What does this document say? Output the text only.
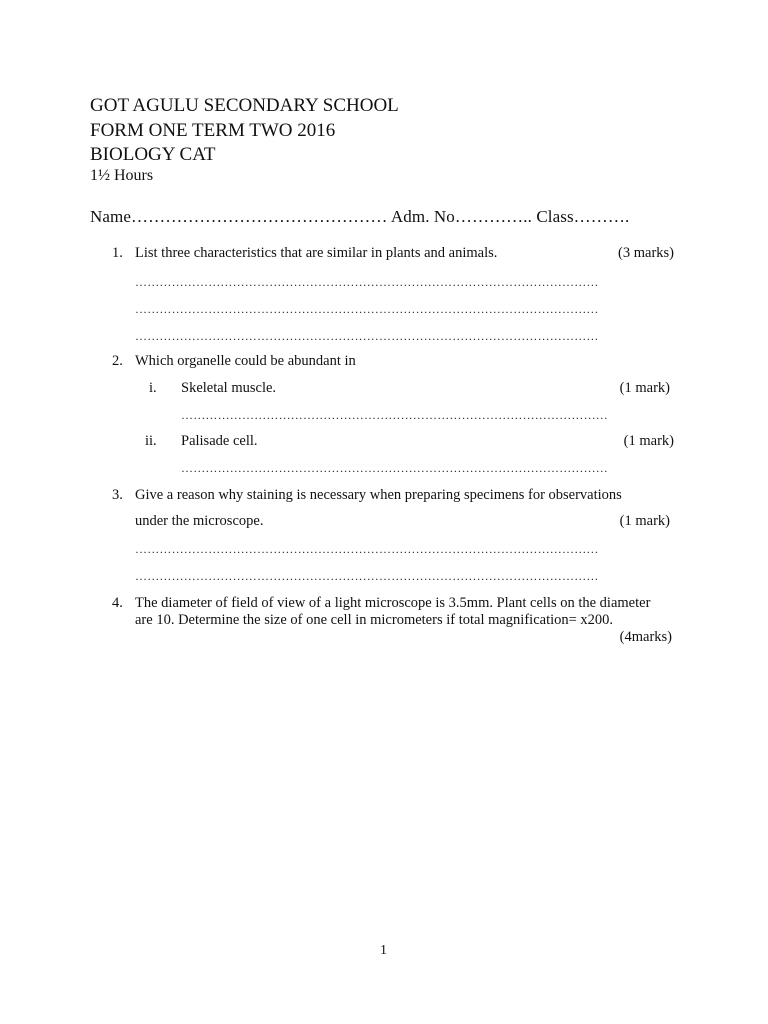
GOT AGULU SECONDARY SCHOOL
FORM ONE TERM TWO 2016
BIOLOGY CAT
1½ Hours
Name……………………………………… Adm. No………….. Class……….
1. List three characteristics that are similar in plants and animals.	(3 marks)
……………………………………………………………………………………………………
……………………………………………………………………………………………………
……………………………………………………………………………………………………
2. Which organelle could be abundant in
i. Skeletal muscle.	(1 mark)
……………………………………………………………………………………………
ii. Palisade cell.	(1 mark)
……………………………………………………………………………………………
3. Give a reason why staining is necessary when preparing specimens for observations
under the microscope.	(1 mark)
……………………………………………………………………………………………………
……………………………………………………………………………………………………
4. The diameter of field of view of a light microscope is 3.5mm. Plant cells on the diameter
are 10. Determine the size of one cell in micrometers if total magnification= x200.
(4marks)
1
